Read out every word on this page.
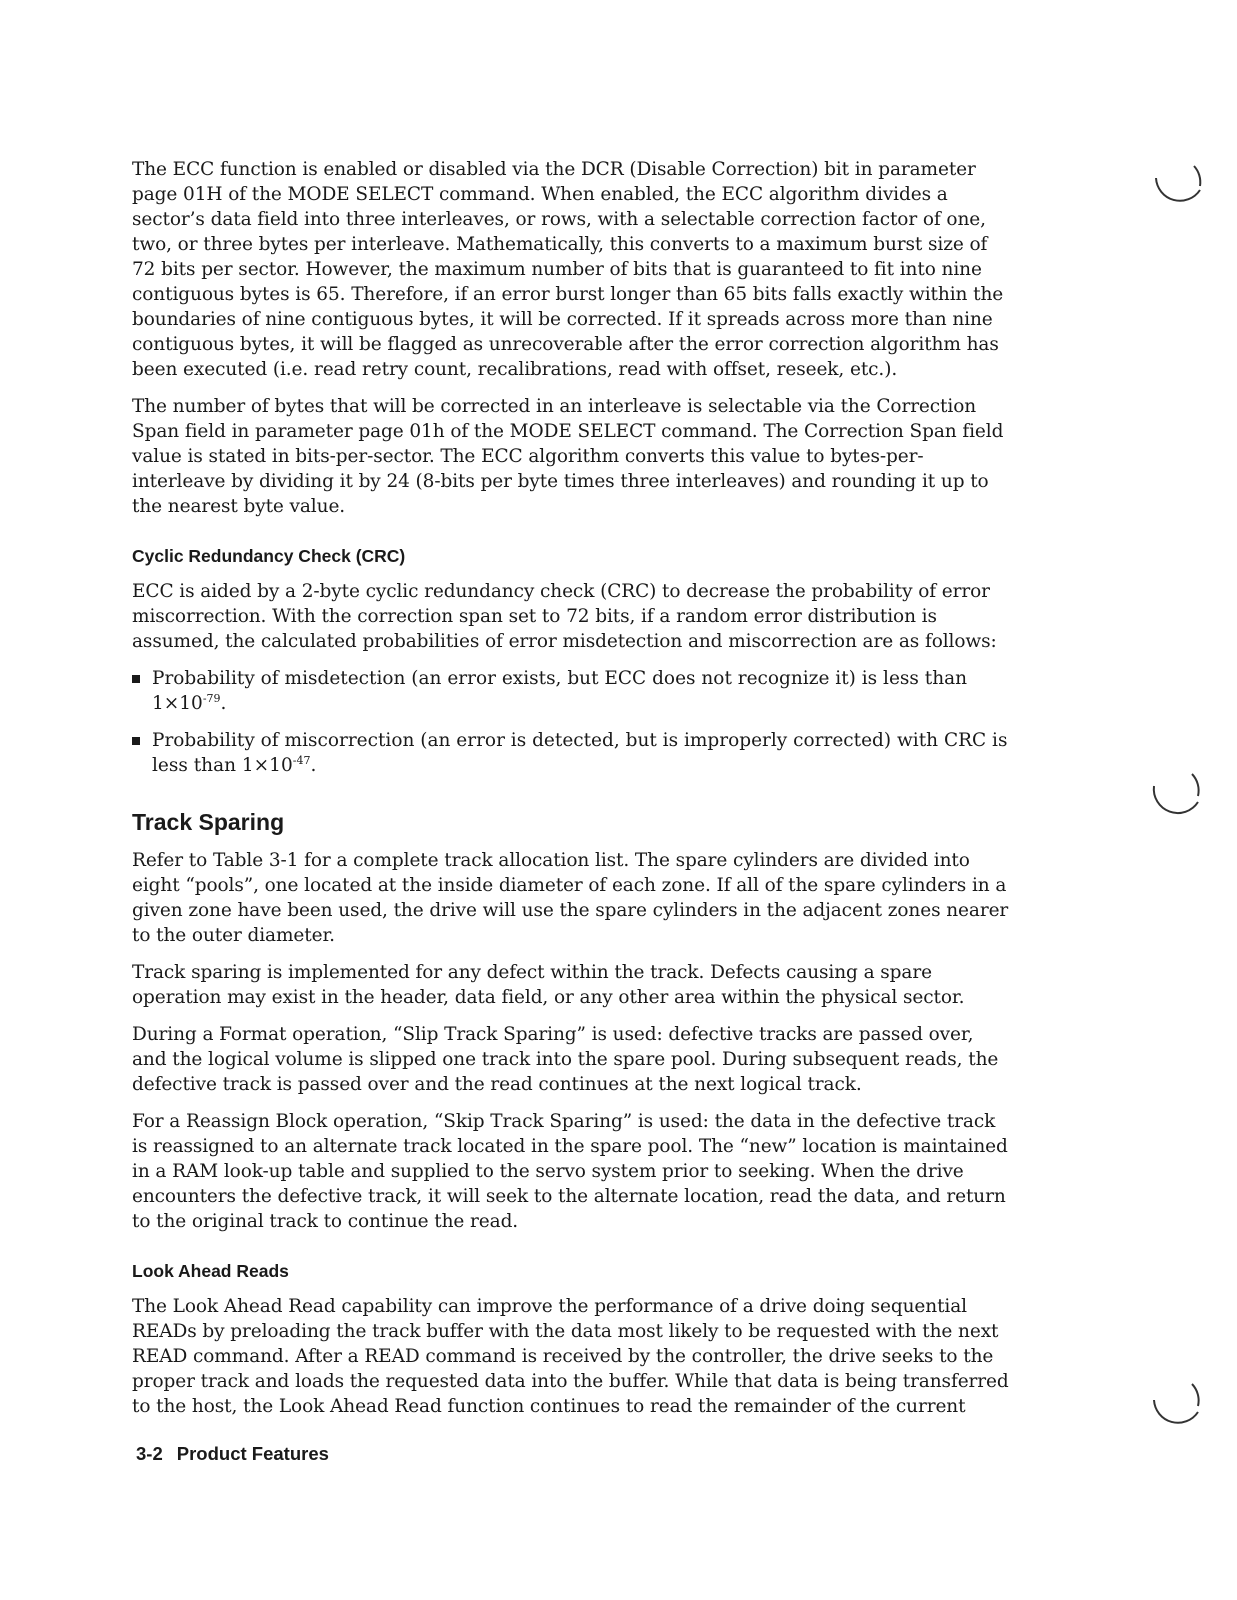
The ECC function is enabled or disabled via the DCR (Disable Correction) bit in parameter page 01H of the MODE SELECT command. When enabled, the ECC algorithm divides a sector’s data field into three interleaves, or rows, with a selectable correction factor of one, two, or three bytes per interleave. Mathematically, this converts to a maximum burst size of 72 bits per sector. However, the maximum number of bits that is guaranteed to fit into nine contiguous bytes is 65. Therefore, if an error burst longer than 65 bits falls exactly within the boundaries of nine contiguous bytes, it will be corrected. If it spreads across more than nine contiguous bytes, it will be flagged as unrecoverable after the error correction algorithm has been executed (i.e. read retry count, recalibrations, read with offset, reseek, etc.).

The number of bytes that will be corrected in an interleave is selectable via the Correction Span field in parameter page 01h of the MODE SELECT command. The Correction Span field value is stated in bits-per-sector. The ECC algorithm converts this value to bytes-per-interleave by dividing it by 24 (8-bits per byte times three interleaves) and rounding it up to the nearest byte value.

Cyclic Redundancy Check (CRC)

ECC is aided by a 2-byte cyclic redundancy check (CRC) to decrease the probability of error miscorrection. With the correction span set to 72 bits, if a random error distribution is assumed, the calculated probabilities of error misdetection and miscorrection are as follows:

Probability of misdetection (an error exists, but ECC does not recognize it) is less than $1\times 10^{-79}$.
Probability of miscorrection (an error is detected, but is improperly corrected) with CRC is less than $1\times 10^{-47}$.
Track Sparing

Refer to Table 3-1 for a complete track allocation list. The spare cylinders are divided into eight “pools”, one located at the inside diameter of each zone. If all of the spare cylinders in a given zone have been used, the drive will use the spare cylinders in the adjacent zones nearer to the outer diameter.

Track sparing is implemented for any defect within the track. Defects causing a spare operation may exist in the header, data field, or any other area within the physical sector.

During a Format operation, “Slip Track Sparing” is used: defective tracks are passed over, and the logical volume is slipped one track into the spare pool. During subsequent reads, the defective track is passed over and the read continues at the next logical track.

For a Reassign Block operation, “Skip Track Sparing” is used: the data in the defective track is reassigned to an alternate track located in the spare pool. The “new” location is maintained in a RAM look-up table and supplied to the servo system prior to seeking. When the drive encounters the defective track, it will seek to the alternate location, read the data, and return to the original track to continue the read.

Look Ahead Reads

The Look Ahead Read capability can improve the performance of a drive doing sequential READs by preloading the track buffer with the data most likely to be requested with the next READ command. After a READ command is received by the controller, the drive seeks to the proper track and loads the requested data into the buffer. While that data is being transferred to the host, the Look Ahead Read function continues to read the remainder of the current

3-2 Product Features
